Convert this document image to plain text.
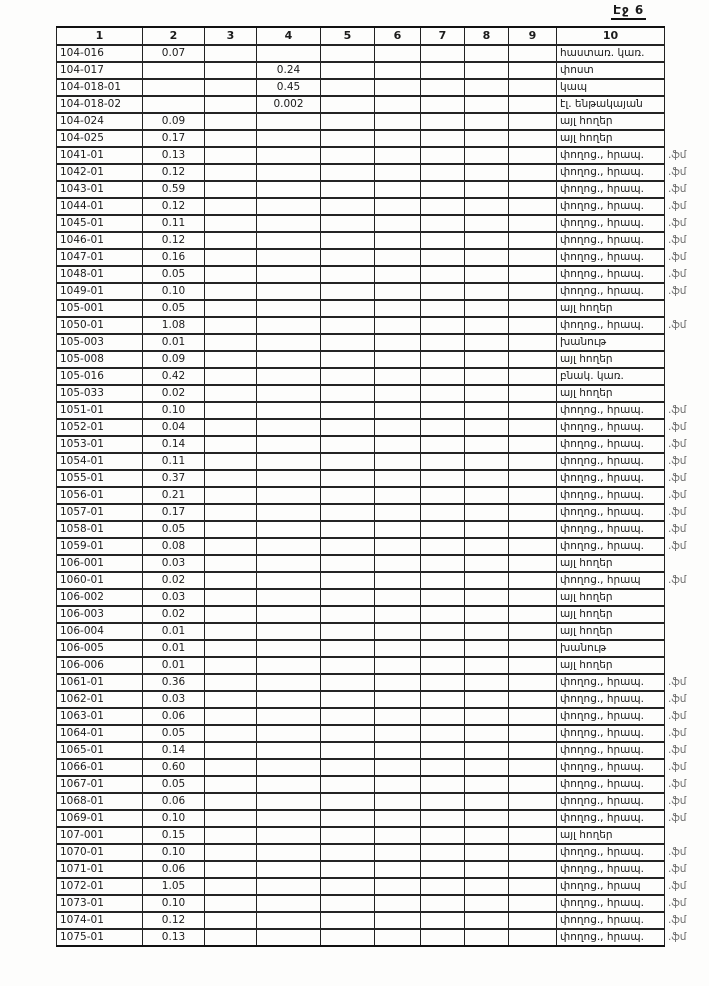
Էջ 6
1	2	3	4	5	6	7	8	9	10	
104-016	0.07								հաստառ. կառ.	
104-017			0.24						փոստ	
104-018-01			0.45						կապ	
104-018-02			0.002						էլ. ենթակայան	
104-024	0.09								այլ հողեր	
104-025	0.17								այլ հողեր	
1041-01	0.13								փողոց., հրապ.	.ֆմ
1042-01	0.12								փողոց., հրապ.	.ֆմ
1043-01	0.59								փողոց., հրապ.	.ֆմ
1044-01	0.12								փողոց., հրապ.	.ֆմ
1045-01	0.11								փողոց., հրապ.	.ֆմ
1046-01	0.12								փողոց., հրապ.	.ֆմ
1047-01	0.16								փողոց., հրապ.	.ֆմ
1048-01	0.05								փողոց., հրապ.	.ֆմ
1049-01	0.10								փողոց., հրապ.	.ֆմ
105-001	0.05								այլ հողեր	
1050-01	1.08								փողոց., հրապ.	.ֆմ
105-003	0.01								խանութ	
105-008	0.09								այլ հողեր	
105-016	0.42								բնակ. կառ.	
105-033	0.02								այլ հողեր	
1051-01	0.10								փողոց., հրապ.	.ֆմ
1052-01	0.04								փողոց., հրապ.	.ֆմ
1053-01	0.14								փողոց., հրապ.	.ֆմ
1054-01	0.11								փողոց., հրապ.	.ֆմ
1055-01	0.37								փողոց., հրապ.	.ֆմ
1056-01	0.21								փողոց., հրապ.	.ֆմ
1057-01	0.17								փողոց., հրապ.	.ֆմ
1058-01	0.05								փողոց., հրապ.	.ֆմ
1059-01	0.08								փողոց., հրապ.	.ֆմ
106-001	0.03								այլ հողեր	
1060-01	0.02								փողոց., հրապ	.ֆմ
106-002	0.03								այլ հողեր	
106-003	0.02								այլ հողեր	
106-004	0.01								այլ հողեր	
106-005	0.01								խանութ	
106-006	0.01								այլ հողեր	
1061-01	0.36								փողոց., հրապ.	.ֆմ
1062-01	0.03								փողոց., հրապ.	.ֆմ
1063-01	0.06								փողոց., հրապ.	.ֆմ
1064-01	0.05								փողոց., հրապ.	.ֆմ
1065-01	0.14								փողոց., հրապ.	.ֆմ
1066-01	0.60								փողոց., հրապ.	.ֆմ
1067-01	0.05								փողոց., հրապ.	.ֆմ
1068-01	0.06								փողոց., հրապ.	.ֆմ
1069-01	0.10								փողոց., հրապ.	.ֆմ
107-001	0.15								այլ հողեր	
1070-01	0.10								փողոց., հրապ.	.ֆմ
1071-01	0.06								փողոց., հրապ.	.ֆմ
1072-01	1.05								փողոց., հրապ	.ֆմ
1073-01	0.10								փողոց., հրապ.	.ֆմ
1074-01	0.12								փողոց., հրապ.	.ֆմ
1075-01	0.13								փողոց., հրապ.	.ֆմ
